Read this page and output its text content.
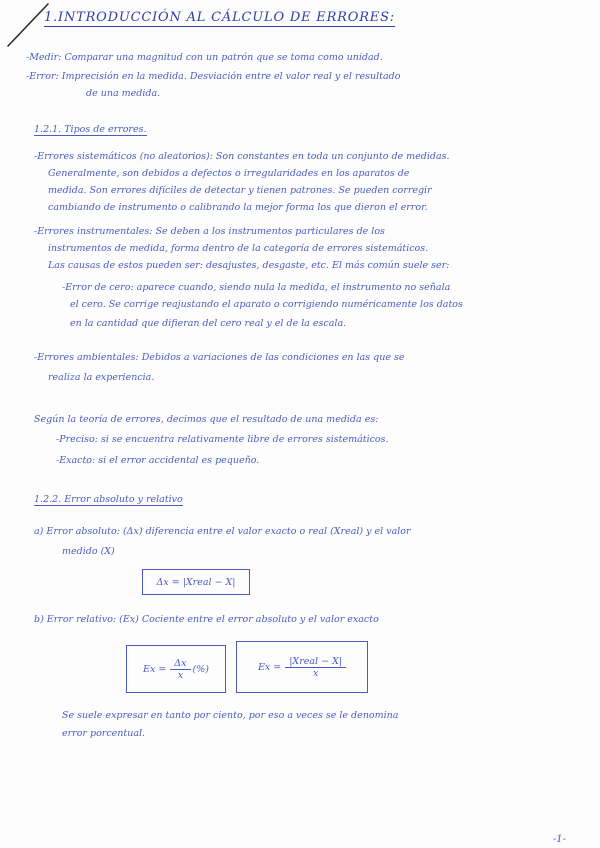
1.INTRODUCCIÓN AL CÁLCULO DE ERRORES:
-Medir: Comparar una magnitud con un patrón que se toma como unidad.
-Error: Imprecisión en la medida. Desviación entre el valor real y el resultado
de una medida.
1.2.1. Tipos de errores.
-Errores sistemáticos (no aleatorios): Son constantes en toda un conjunto de medidas.
Generalmente, son debidos a defectos o irregularidades en los aparatos de
medida. Son errores difíciles de detectar y tienen patrones. Se pueden corregir
cambiando de instrumento o calibrando la mejor forma los que dieron el error.
-Errores instrumentales: Se deben a los instrumentos particulares de los
instrumentos de medida, forma dentro de la categoría de errores sistemáticos.
Las causas de estos pueden ser: desajustes, desgaste, etc. El más común suele ser:
-Error de cero: aparece cuando, siendo nula la medida, el instrumento no señala
el cero. Se corrige reajustando el aparato o corrigiendo numéricamente los datos
en la cantidad que difieran del cero real y el de la escala.
-Errores ambientales: Debidos a variaciones de las condiciones en las que se
realiza la experiencia.
Según la teoría de errores, decimos que el resultado de una medida es:
-Preciso: si se encuentra relativamente libre de errores sistemáticos.
-Exacto: si el error accidental es pequeño.
1.2.2. Error absoluto y relativo
a) Error absoluto: (Δx) diferencia entre el valor exacto o real (Xreal) y el valor
medido (X)
Δx = |Xreal − X|
b) Error relativo: (Ex) Cociente entre el error absoluto y el valor exacto
$Ex = \frac{\Delta x}{x}$ (%)	$Ex = \frac{\text{|Xreal − X|}}{x}$
Se suele expresar en tanto por ciento, por eso a veces se le denomina
error porcentual.
-1-
